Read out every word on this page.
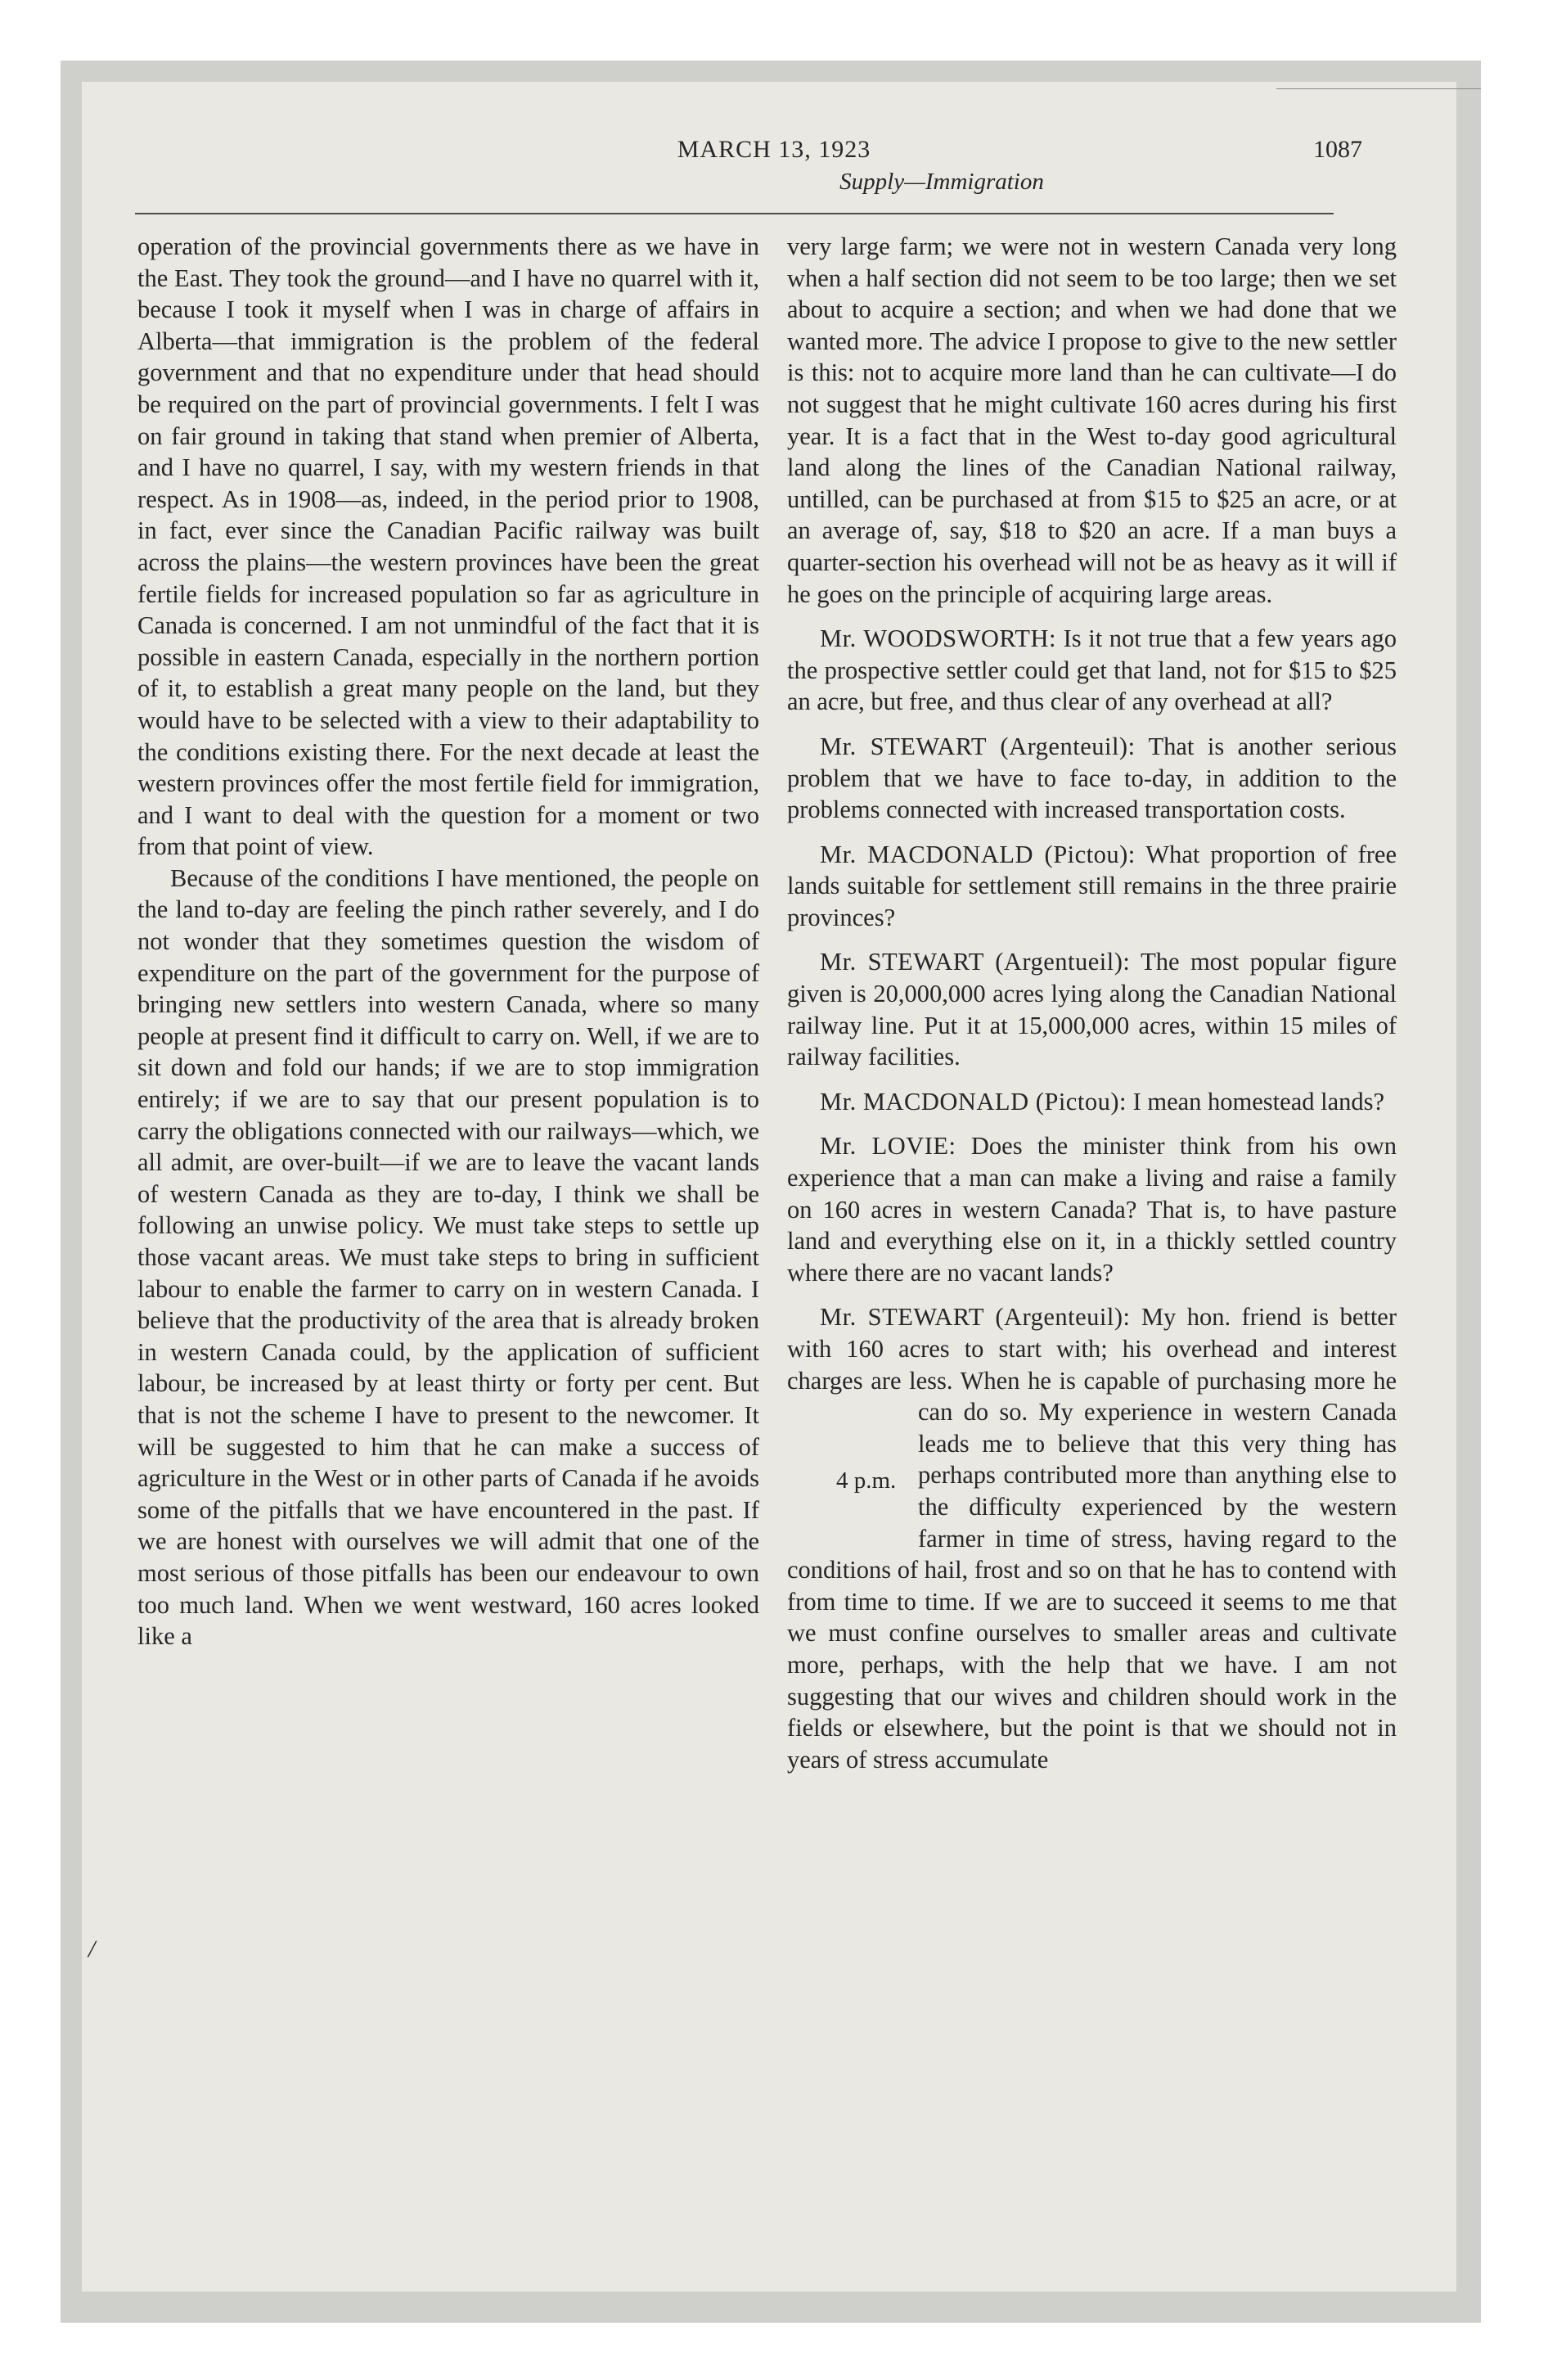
MARCH 13, 1923	1087
Supply—Immigration

operation of the provincial governments there as we have in the East. They took the ground—and I have no quarrel with it, because I took it myself when I was in charge of affairs in Alberta—that immigration is the problem of the federal government and that no expenditure under that head should be required on the part of provincial governments. I felt I was on fair ground in taking that stand when premier of Alberta, and I have no quarrel, I say, with my western friends in that respect. As in 1908—as, indeed, in the period prior to 1908, in fact, ever since the Canadian Pacific railway was built across the plains—the western provinces have been the great fertile fields for increased population so far as agriculture in Canada is concerned. I am not unmindful of the fact that it is possible in eastern Canada, especially in the northern portion of it, to establish a great many people on the land, but they would have to be selected with a view to their adaptability to the conditions existing there. For the next decade at least the western provinces offer the most fertile field for immigration, and I want to deal with the question for a moment or two from that point of view.

Because of the conditions I have mentioned, the people on the land to-day are feeling the pinch rather severely, and I do not wonder that they sometimes question the wisdom of expenditure on the part of the government for the purpose of bringing new settlers into western Canada, where so many people at present find it difficult to carry on. Well, if we are to sit down and fold our hands; if we are to stop immigration entirely; if we are to say that our present population is to carry the obligations connected with our railways—which, we all admit, are over-built—if we are to leave the vacant lands of western Canada as they are to-day, I think we shall be following an unwise policy. We must take steps to settle up those vacant areas. We must take steps to bring in sufficient labour to enable the farmer to carry on in western Canada. I believe that the productivity of the area that is already broken in western Canada could, by the application of sufficient labour, be increased by at least thirty or forty per cent. But that is not the scheme I have to present to the newcomer. It will be suggested to him that he can make a success of agriculture in the West or in other parts of Canada if he avoids some of the pitfalls that we have encountered in the past. If we are honest with ourselves we will admit that one of the most serious of those pitfalls has been our endeavour to own too much land. When we went westward, 160 acres looked like a

very large farm; we were not in western Canada very long when a half section did not seem to be too large; then we set about to acquire a section; and when we had done that we wanted more. The advice I propose to give to the new settler is this: not to acquire more land than he can cultivate—I do not suggest that he might cultivate 160 acres during his first year. It is a fact that in the West to-day good agricultural land along the lines of the Canadian National railway, untilled, can be purchased at from $15 to $25 an acre, or at an average of, say, $18 to $20 an acre. If a man buys a quarter-section his overhead will not be as heavy as it will if he goes on the principle of acquiring large areas.

Mr. WOODSWORTH: Is it not true that a few years ago the prospective settler could get that land, not for $15 to $25 an acre, but free, and thus clear of any overhead at all?

Mr. STEWART (Argenteuil): That is another serious problem that we have to face to-day, in addition to the problems connected with increased transportation costs.

Mr. MACDONALD (Pictou): What proportion of free lands suitable for settlement still remains in the three prairie provinces?

Mr. STEWART (Argentueil): The most popular figure given is 20,000,000 acres lying along the Canadian National railway line. Put it at 15,000,000 acres, within 15 miles of railway facilities.

Mr. MACDONALD (Pictou): I mean homestead lands?

Mr. LOVIE: Does the minister think from his own experience that a man can make a living and raise a family on 160 acres in western Canada? That is, to have pasture land and everything else on it, in a thickly settled country where there are no vacant lands?

Mr. STEWART (Argenteuil): My hon. friend is better with 160 acres to start with; his overhead and interest charges are less. When he is capable of purchasing more he can do so. My experience in western Canada
4 p.m.
leads me to believe that this very thing has perhaps contributed more than anything else to the difficulty experienced by the western farmer in time of stress, having regard to the conditions of hail, frost and so on that he has to contend with from time to time. If we are to succeed it seems to me that we must confine ourselves to smaller areas and cultivate more, perhaps, with the help that we have. I am not suggesting that our wives and children should work in the fields or elsewhere, but the point is that we should not in years of stress accumulate

/
